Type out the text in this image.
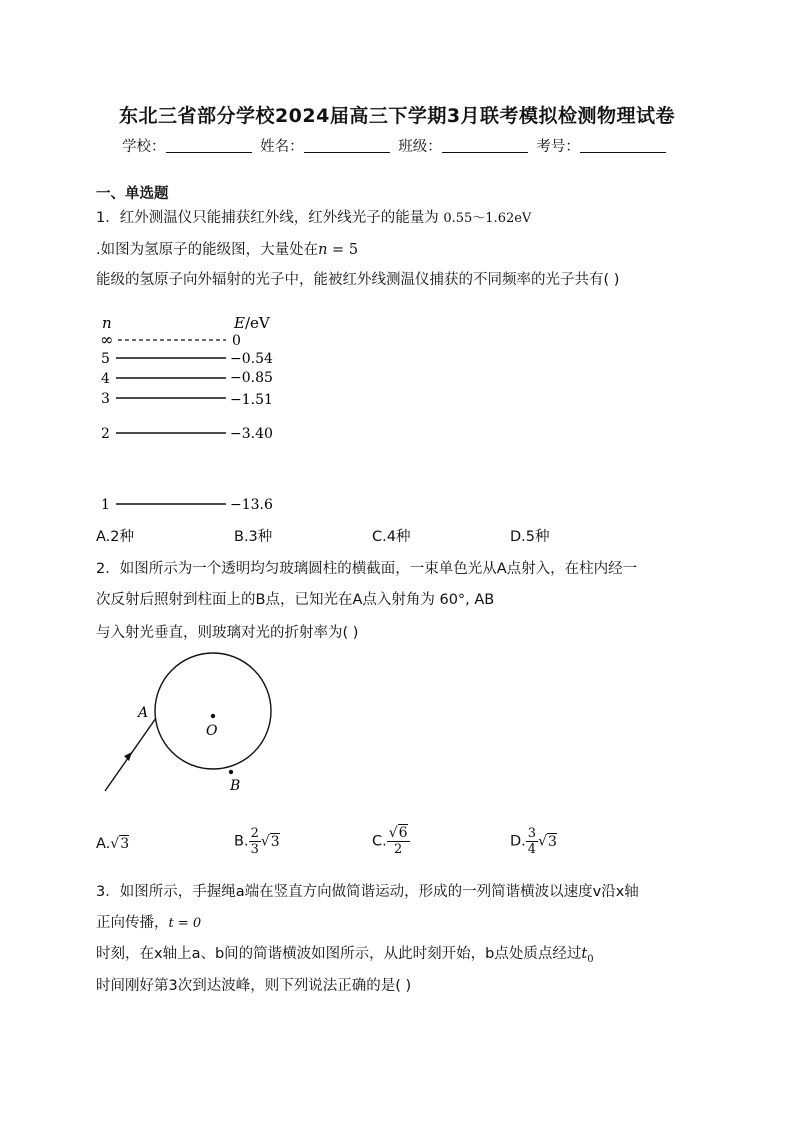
东北三省部分学校2024届高三下学期3月联考模拟检测物理试卷
学校：	姓名：	班级：	考号：
一、单选题
1．红外测温仪只能捕获红外线，红外线光子的能量为 0.55～1.62eV
.如图为氢原子的能级图，大量处在n = 5
能级的氢原子向外辐射的光子中，能被红外线测温仪捕获的不同频率的光子共有( )
n	E/eV
∞	0
5	−0.54
4	−0.85
3	−1.51
2	−3.40
1	−13.6
A.2种	B.3种	C.4种	D.5种
2．如图所示为一个透明均匀玻璃圆柱的横截面，一束单色光从A点射入，在柱内经一
次反射后照射到柱面上的B点，已知光在A点入射角为 60°, AB
与入射光垂直，则玻璃对光的折射率为( )
O
A
B
A.√3	B. $\frac{2}{3} √3$	C. $\frac{√6}{2}$	D. $\frac{3}{4} √3$
3．如图所示，手握绳a端在竖直方向做简谐运动，形成的一列简谐横波以速度v沿x轴
正向传播，t = 0
时刻，在x轴上a、b间的简谐横波如图所示，从此时刻开始，b点处质点经过$t_0$
时间刚好第3次到达波峰，则下列说法正确的是( )
